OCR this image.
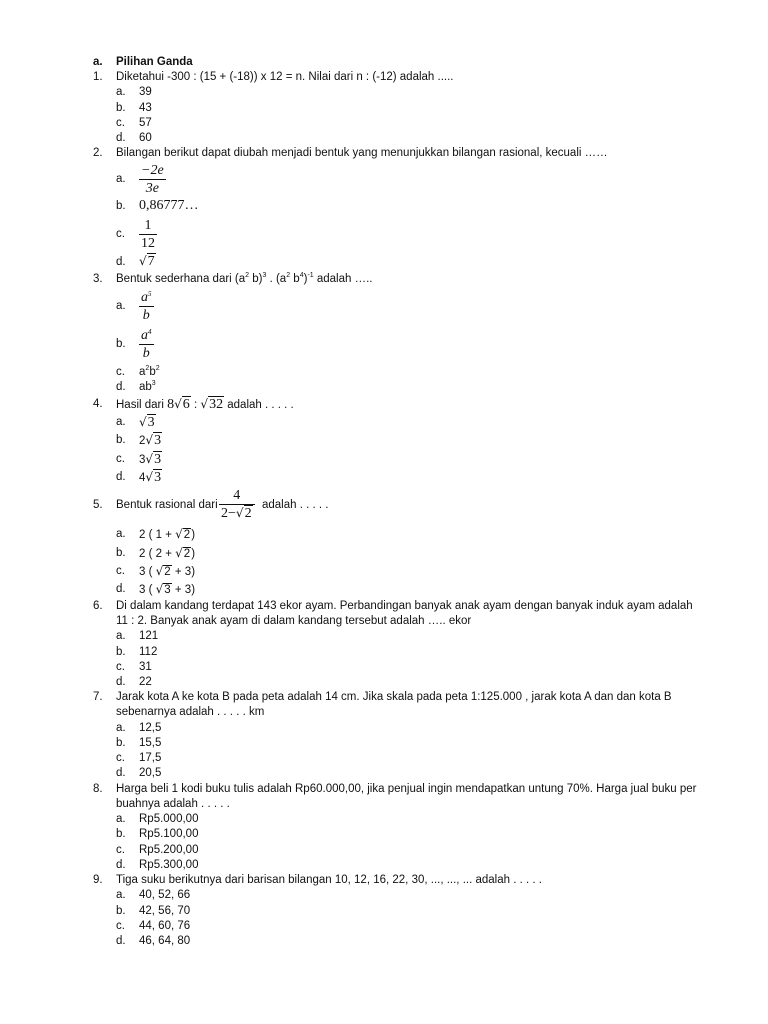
a. Pilihan Ganda
1. Diketahui -300 : (15 + (-18)) x 12 = n. Nilai dari n : (-12) adalah .....
a. 39
b. 43
c. 57
d. 60
2. Bilangan berikut dapat diubah menjadi bentuk yang menunjukkan bilangan rasional, kecuali ……
a. $\frac{-2e}{3e}$
b. 0,86777…
c. $\frac{1}{12}$
d. √7
3. Bentuk sederhana dari ($a^2$ b)$^3$ . ($a^2$ $b^4)^{-1}$ adalah …..
a. $\frac{a^5}{b}$
b. $\frac{a^4}{b}$
c. $a^2b^2$
d. $ab^3$
4. Hasil dari 8√6 : √32 adalah . . . . .
a. √3
b. 2√3
c. 3√3
d. 4√3
5. Bentuk rasional dari	adalah . . . . .
$\frac{4}{2-√2}$
a. 2 ( 1 + √2)
b. 2 ( 2 + √2)
c. 3 ( √2 + 3)
d. 3 ( √3 + 3)
6. Di dalam kandang terdapat 143 ekor ayam. Perbandingan banyak anak ayam dengan banyak induk ayam adalah
11 : 2. Banyak anak ayam di dalam kandang tersebut adalah ….. ekor
a. 121
b. 112
c. 31
d. 22
7. Jarak kota A ke kota B pada peta adalah 14 cm. Jika skala pada peta 1:125.000 , jarak kota A dan dan kota B
sebenarnya adalah . . . . . km
a. 12,5
b. 15,5
c. 17,5
d. 20,5
8. Harga beli 1 kodi buku tulis adalah Rp60.000,00, jika penjual ingin mendapatkan untung 70%. Harga jual buku per
buahnya adalah . . . . .
a. Rp5.000,00
b. Rp5.100,00
c. Rp5.200,00
d. Rp5.300,00
9. Tiga suku berikutnya dari barisan bilangan 10, 12, 16, 22, 30, ..., ..., ... adalah . . . . .
a. 40, 52, 66
b. 42, 56, 70
c. 44, 60, 76
d. 46, 64, 80
